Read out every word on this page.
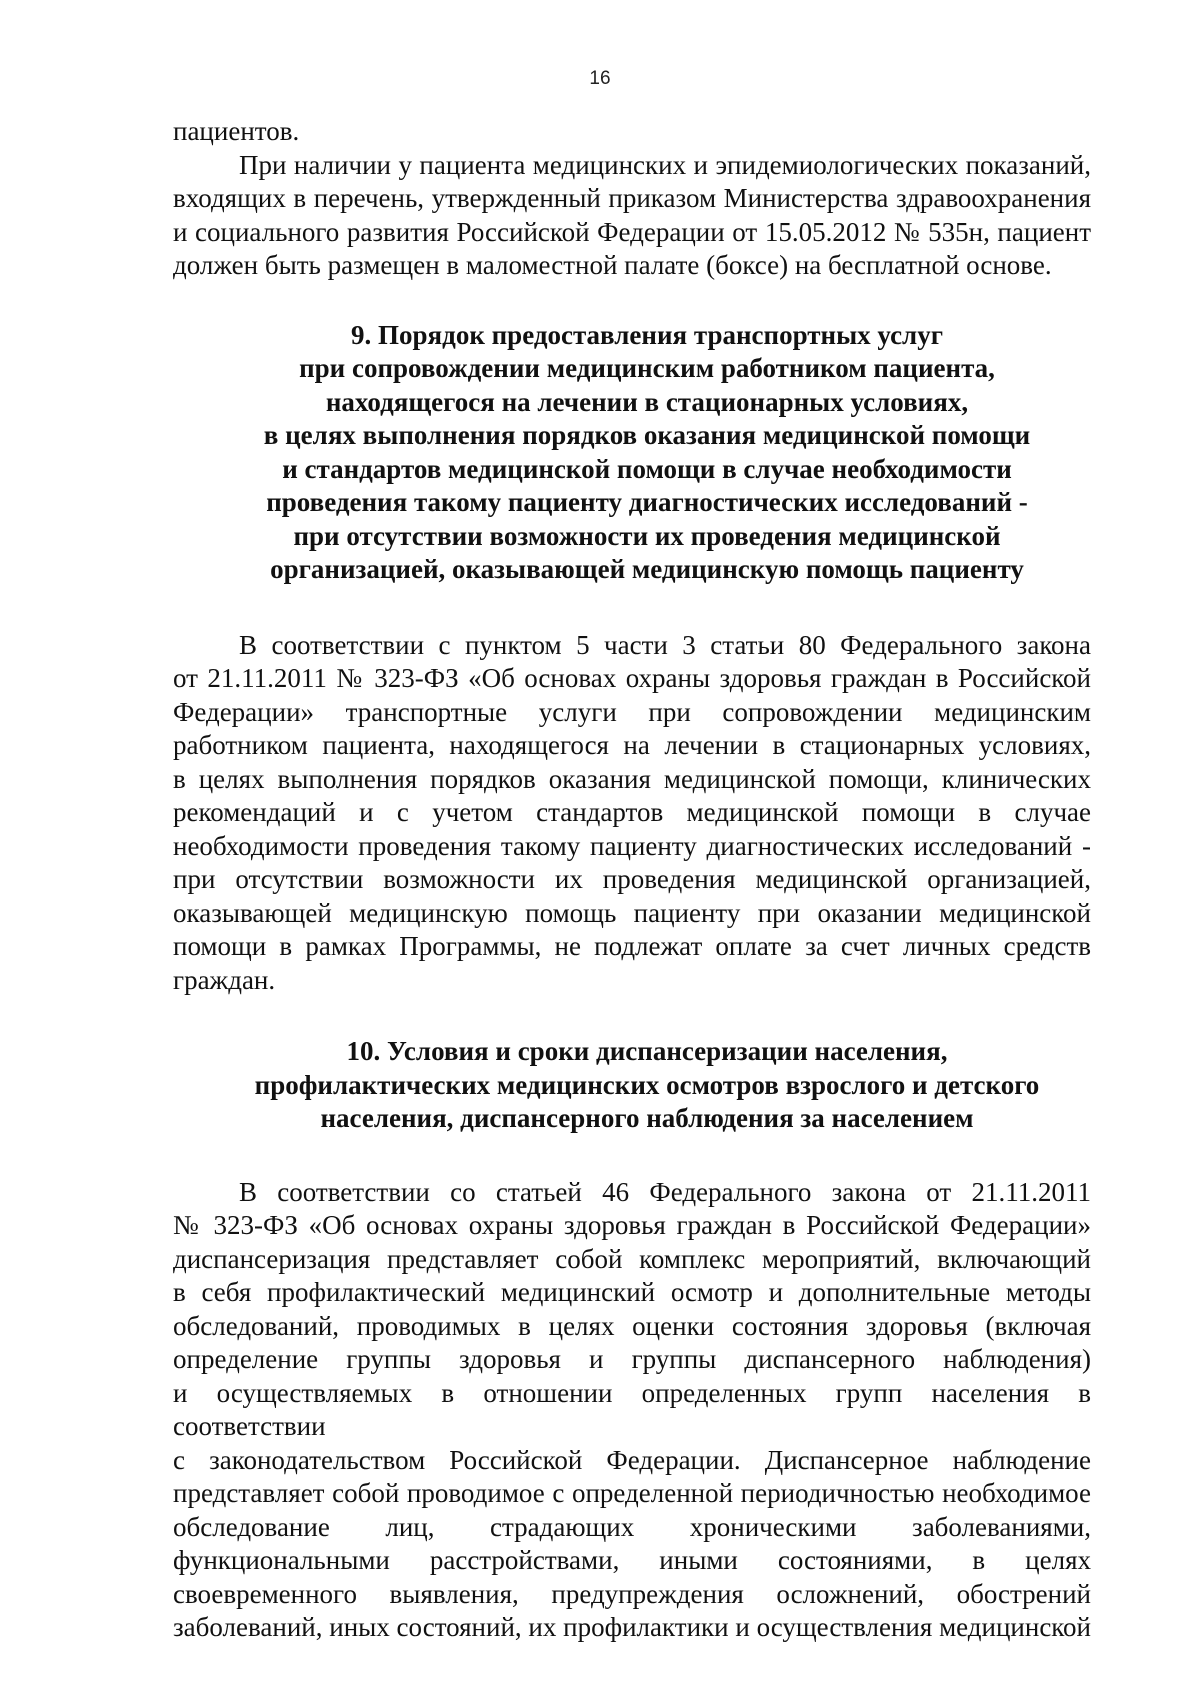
16
пациентов.
При наличии у пациента медицинских и эпидемиологических показаний,
входящих в перечень, утвержденный приказом Министерства здравоохранения
и социального развития Российской Федерации от 15.05.2012 № 535н, пациент
должен быть размещен в маломестной палате (боксе) на бесплатной основе.
9. Порядок предоставления транспортных услуг
при сопровождении медицинским работником пациента,
находящегося на лечении в стационарных условиях,
в целях выполнения порядков оказания медицинской помощи
и стандартов медицинской помощи в случае необходимости
проведения такому пациенту диагностических исследований -
при отсутствии возможности их проведения медицинской
организацией, оказывающей медицинскую помощь пациенту
В соответствии с пунктом 5 части 3 статьи 80 Федерального закона
от 21.11.2011 № 323-ФЗ «Об основах охраны здоровья граждан в Российской
Федерации» транспортные услуги при сопровождении медицинским
работником пациента, находящегося на лечении в стационарных условиях,
в целях выполнения порядков оказания медицинской помощи, клинических
рекомендаций и с учетом стандартов медицинской помощи в случае
необходимости проведения такому пациенту диагностических исследований -
при отсутствии возможности их проведения медицинской организацией,
оказывающей медицинскую помощь пациенту при оказании медицинской
помощи в рамках Программы, не подлежат оплате за счет личных средств
граждан.
10. Условия и сроки диспансеризации населения,
профилактических медицинских осмотров взрослого и детского
населения, диспансерного наблюдения за населением
В соответствии со статьей 46 Федерального закона от 21.11.2011
№ 323-ФЗ «Об основах охраны здоровья граждан в Российской Федерации»
диспансеризация представляет собой комплекс мероприятий, включающий
в себя профилактический медицинский осмотр и дополнительные методы
обследований, проводимых в целях оценки состояния здоровья (включая
определение группы здоровья и группы диспансерного наблюдения)
и осуществляемых в отношении определенных групп населения в соответствии
с законодательством Российской Федерации. Диспансерное наблюдение
представляет собой проводимое с определенной периодичностью необходимое
обследование лиц, страдающих хроническими заболеваниями,
функциональными расстройствами, иными состояниями, в целях
своевременного выявления, предупреждения осложнений, обострений
заболеваний, иных состояний, их профилактики и осуществления медицинской
